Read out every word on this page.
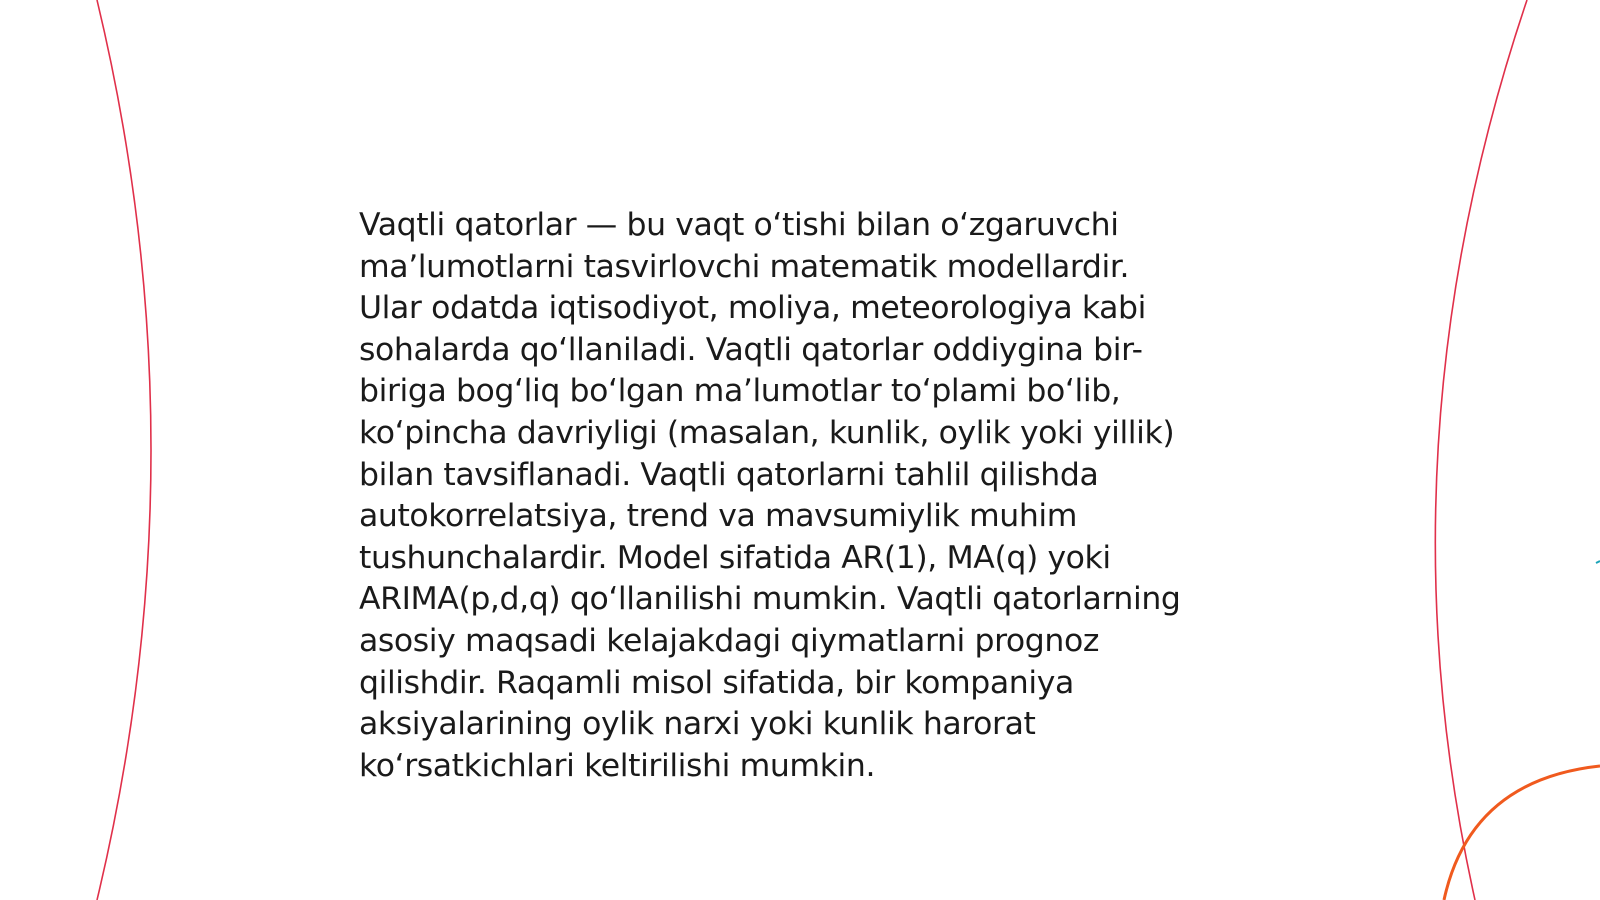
Vaqtli qatorlar — bu vaqt o‘tishi bilan o‘zgaruvchi
ma’lumotlarni tasvirlovchi matematik modellardir.
Ular odatda iqtisodiyot, moliya, meteorologiya kabi
sohalarda qo‘llaniladi. Vaqtli qatorlar oddiygina bir-
biriga bog‘liq bo‘lgan ma’lumotlar to‘plami bo‘lib,
ko‘pincha davriyligi (masalan, kunlik, oylik yoki yillik)
bilan tavsiflanadi. Vaqtli qatorlarni tahlil qilishda
autokorrelatsiya, trend va mavsumiylik muhim
tushunchalardir. Model sifatida AR(1), MA(q) yoki
ARIMA(p,d,q) qo‘llanilishi mumkin. Vaqtli qatorlarning
asosiy maqsadi kelajakdagi qiymatlarni prognoz
qilishdir. Raqamli misol sifatida, bir kompaniya
aksiyalarining oylik narxi yoki kunlik harorat
ko‘rsatkichlari keltirilishi mumkin.
